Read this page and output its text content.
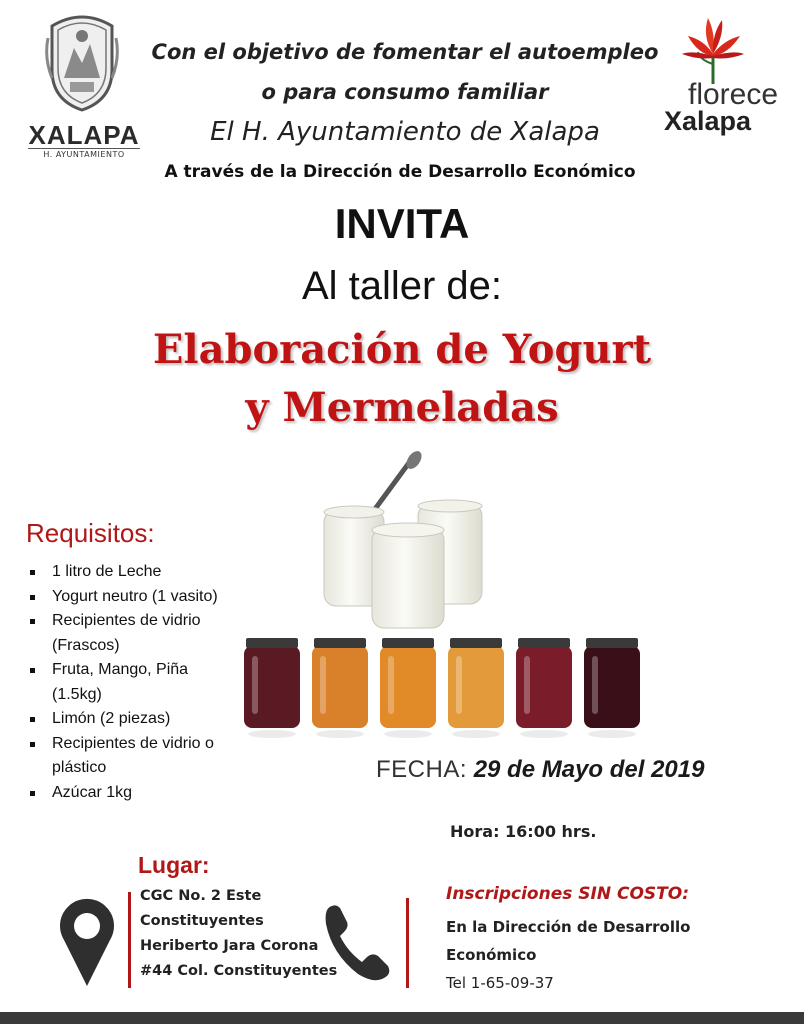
XALAPA
H. AYUNTAMIENTO
florece
Xalapa
Con el objetivo de fomentar el autoempleo
o para consumo familiar
El H. Ayuntamiento de Xalapa
A través de la Dirección de Desarrollo Económico
INVITA
Al taller de:
Elaboración de Yogurt
y Mermeladas
Requisitos:
1 litro de Leche
Yogurt neutro (1 vasito)
Recipientes de vidrio
(Frascos)
Fruta, Mango, Piña
(1.5kg)
Limón (2 piezas)
Recipientes de vidrio o
plástico
Azúcar 1kg
FECHA: 29 de Mayo del 2019
Hora: 16:00 hrs.
Lugar:
CGC No. 2 Este
Constituyentes
Heriberto Jara Corona
#44 Col. Constituyentes
Inscripciones SIN COSTO:
En la Dirección de Desarrollo
Económico
Tel 1-65-09-37
